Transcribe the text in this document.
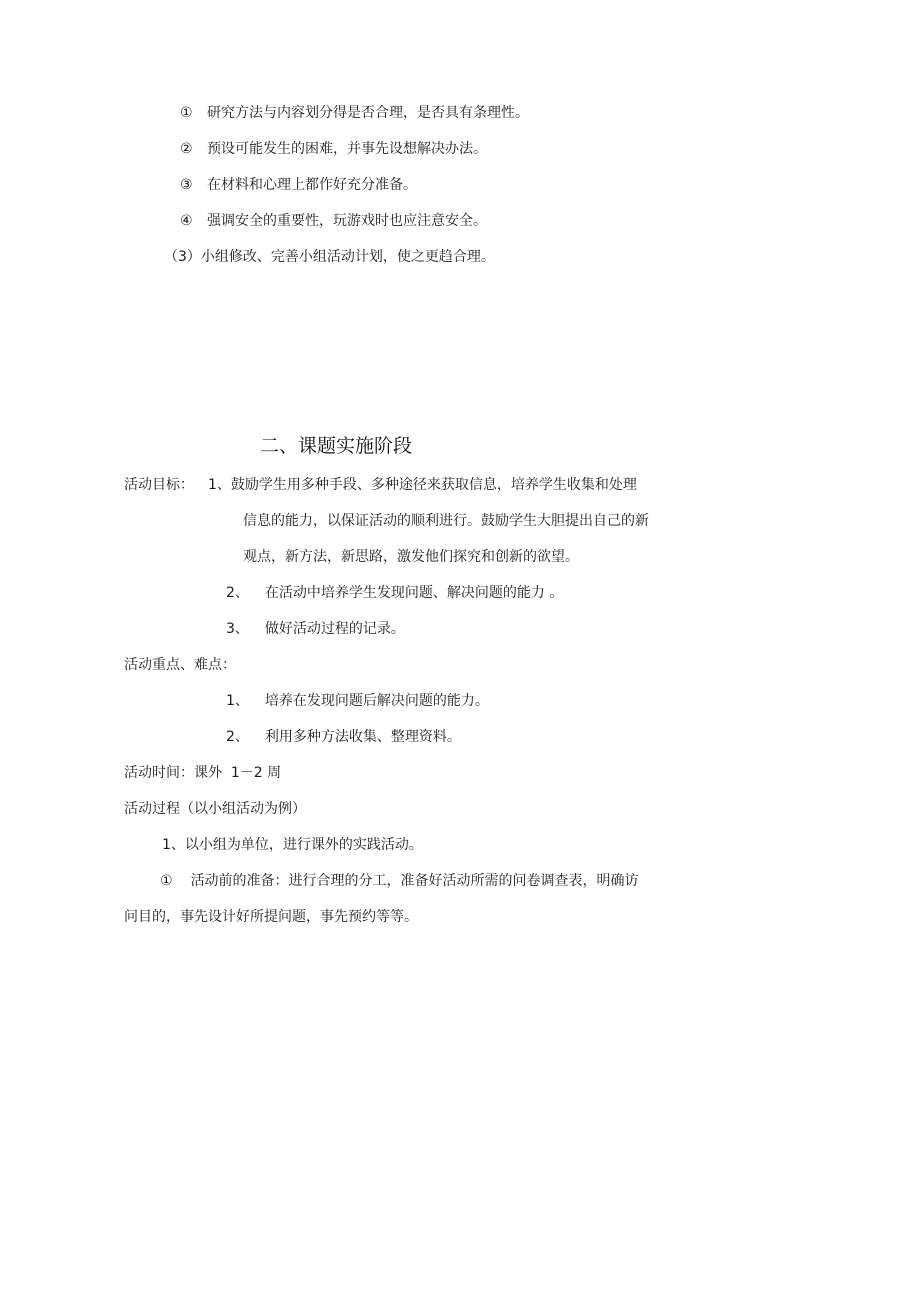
① 研究方法与内容划分得是否合理，是否具有条理性。
② 预设可能发生的困难，并事先设想解决办法。
③ 在材料和心理上都作好充分准备。
④ 强调安全的重要性，玩游戏时也应注意安全。
（3）小组修改、完善小组活动计划，使之更趋合理。
二、课题实施阶段
活动目标： 1、鼓励学生用多种手段、多种途径来获取信息，培养学生收集和处理
信息的能力，以保证活动的顺利进行。鼓励学生大胆提出自己的新
观点，新方法，新思路，激发他们探究和创新的欲望。
2、 在活动中培养学生发现问题、解决问题的能力 。
3、 做好活动过程的记录。
活动重点、难点：
1、 培养在发现问题后解决问题的能力。
2、 利用多种方法收集、整理资料。
活动时间：课外  1－2 周
活动过程（以小组活动为例）
1、以小组为单位，进行课外的实践活动。
① 活动前的准备：进行合理的分工，准备好活动所需的问卷调查表，明确访
问目的，事先设计好所提问题，事先预约等等。
